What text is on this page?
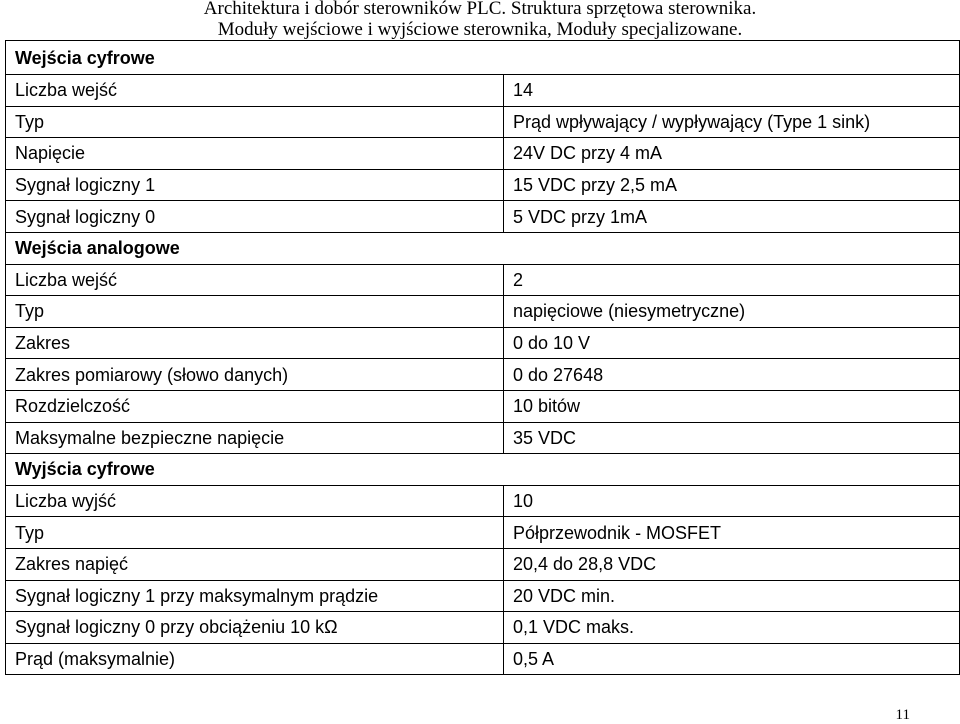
Architektura i dobór sterowników PLC. Struktura sprzętowa sterownika.
Moduły wejściowe i wyjściowe sterownika, Moduły specjalizowane.
Wejścia cyfrowe	
Liczba wejść	14
Typ	Prąd wpływający / wypływający (Type 1 sink)
Napięcie	24V DC przy 4 mA
Sygnał logiczny 1	15 VDC przy 2,5 mA
Sygnał logiczny 0	5 VDC przy 1mA
Wejścia analogowe	
Liczba wejść	2
Typ	napięciowe (niesymetryczne)
Zakres	0 do 10 V
Zakres pomiarowy (słowo danych)	0 do 27648
Rozdzielczość	10 bitów
Maksymalne bezpieczne napięcie	35 VDC
Wyjścia cyfrowe	
Liczba wyjść	10
Typ	Półprzewodnik - MOSFET
Zakres napięć	20,4 do 28,8 VDC
Sygnał logiczny 1 przy maksymalnym prądzie	20 VDC min.
Sygnał logiczny 0 przy obciążeniu 10 kΩ	0,1 VDC maks.
Prąd (maksymalnie)	0,5 A
11
